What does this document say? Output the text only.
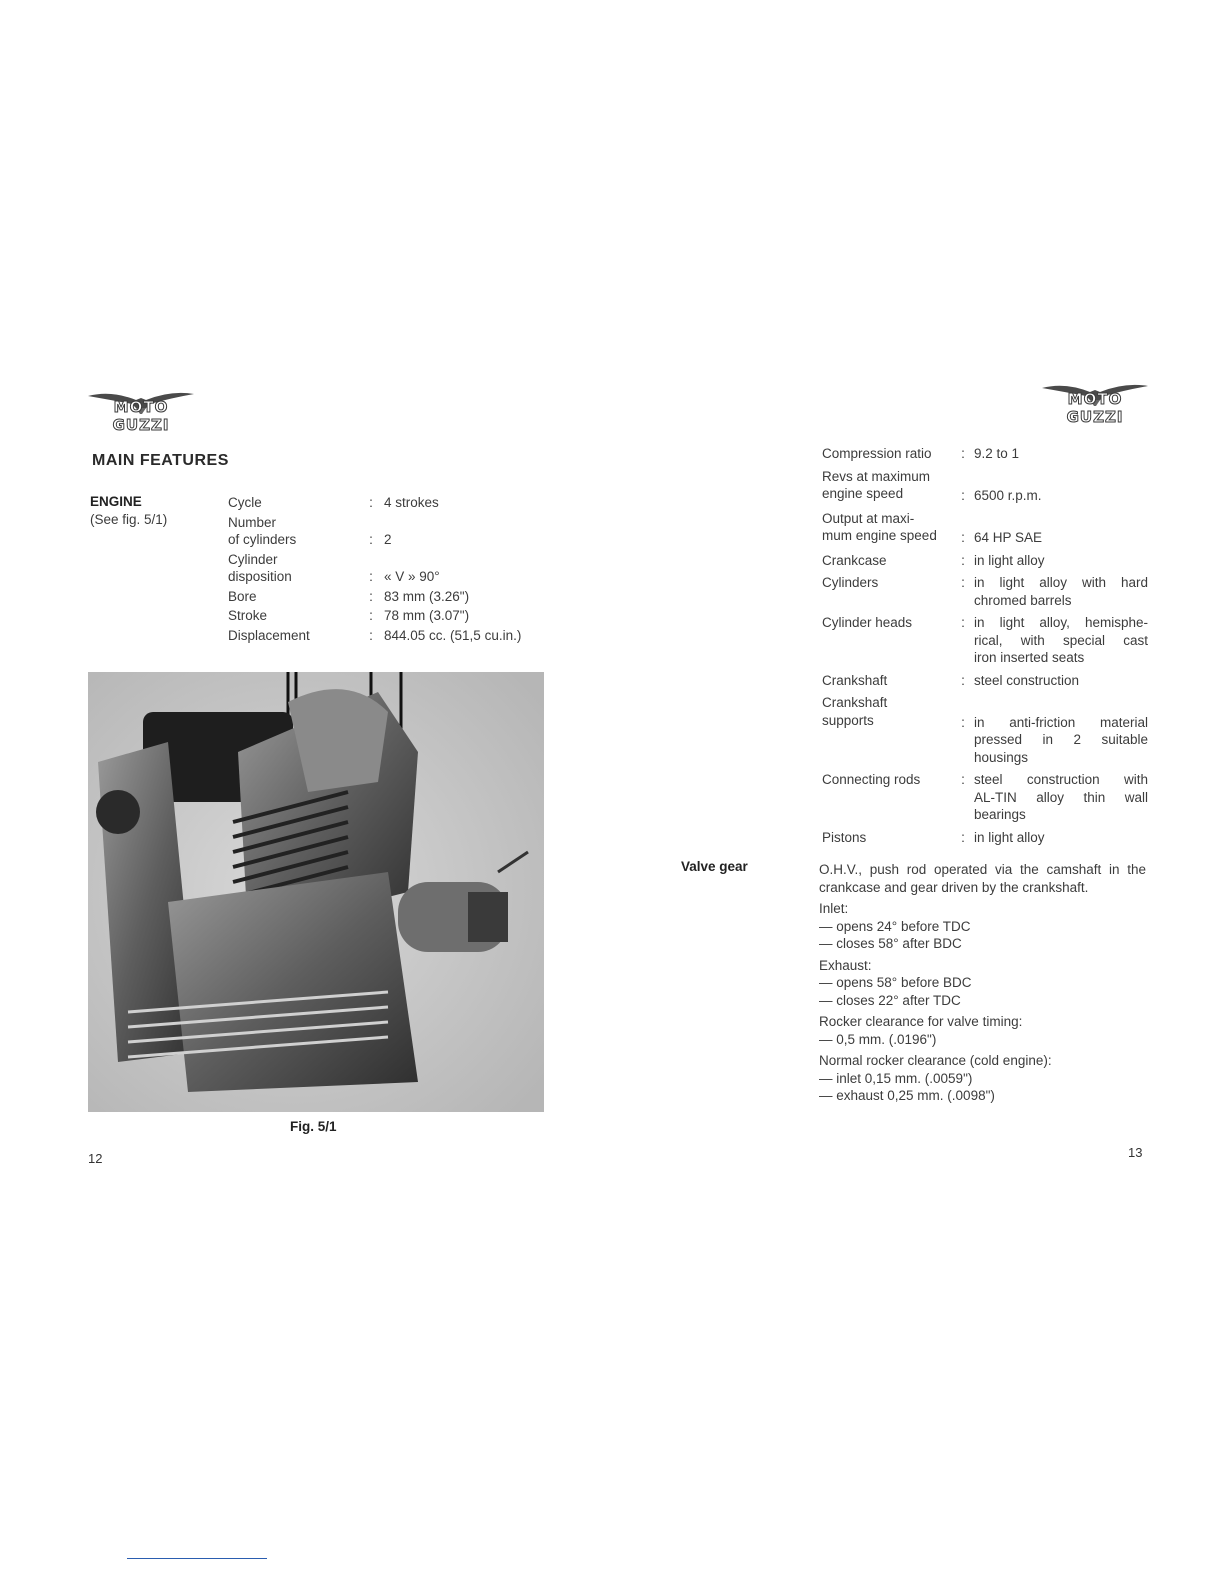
MOTO GUZZI
MAIN FEATURES
ENGINE
(See fig. 5/1)
Cycle	: 4 strokes
Number
of cylinders	: 2
Cylinder
disposition	: « V » 90°
Bore	: 83 mm (3.26")
Stroke	: 78 mm (3.07")
Displacement	: 844.05 cc. (51,5 cu.in.)
Fig. 5/1
12
MOTO GUZZI
Compression ratio	: 9.2 to 1
Revs at maximum
engine speed	: 6500 r.p.m.
Output at maxi-
mum engine speed	: 64 HP SAE
Crankcase	: in light alloy
Cylinders	: in light alloy with hard
chromed barrels
Cylinder heads	: in light alloy, hemisphe-
rical, with special cast
iron inserted seats
Crankshaft	: steel construction
Crankshaft
supports	: in anti-friction material
pressed in 2 suitable
housings
Connecting rods	: steel construction with
AL-TIN alloy thin wall
bearings
Pistons	: in light alloy
Valve gear	O.H.V., push rod operated via the camshaft in the crankcase and gear driven by the crankshaft.
Inlet:
— opens 24° before TDC
— closes 58° after BDC
Exhaust:
— opens 58° before BDC
— closes 22° after TDC
Rocker clearance for valve timing:
— 0,5 mm. (.0196")
Normal rocker clearance (cold engine):
— inlet 0,15 mm. (.0059")
— exhaust 0,25 mm. (.0098")
13
